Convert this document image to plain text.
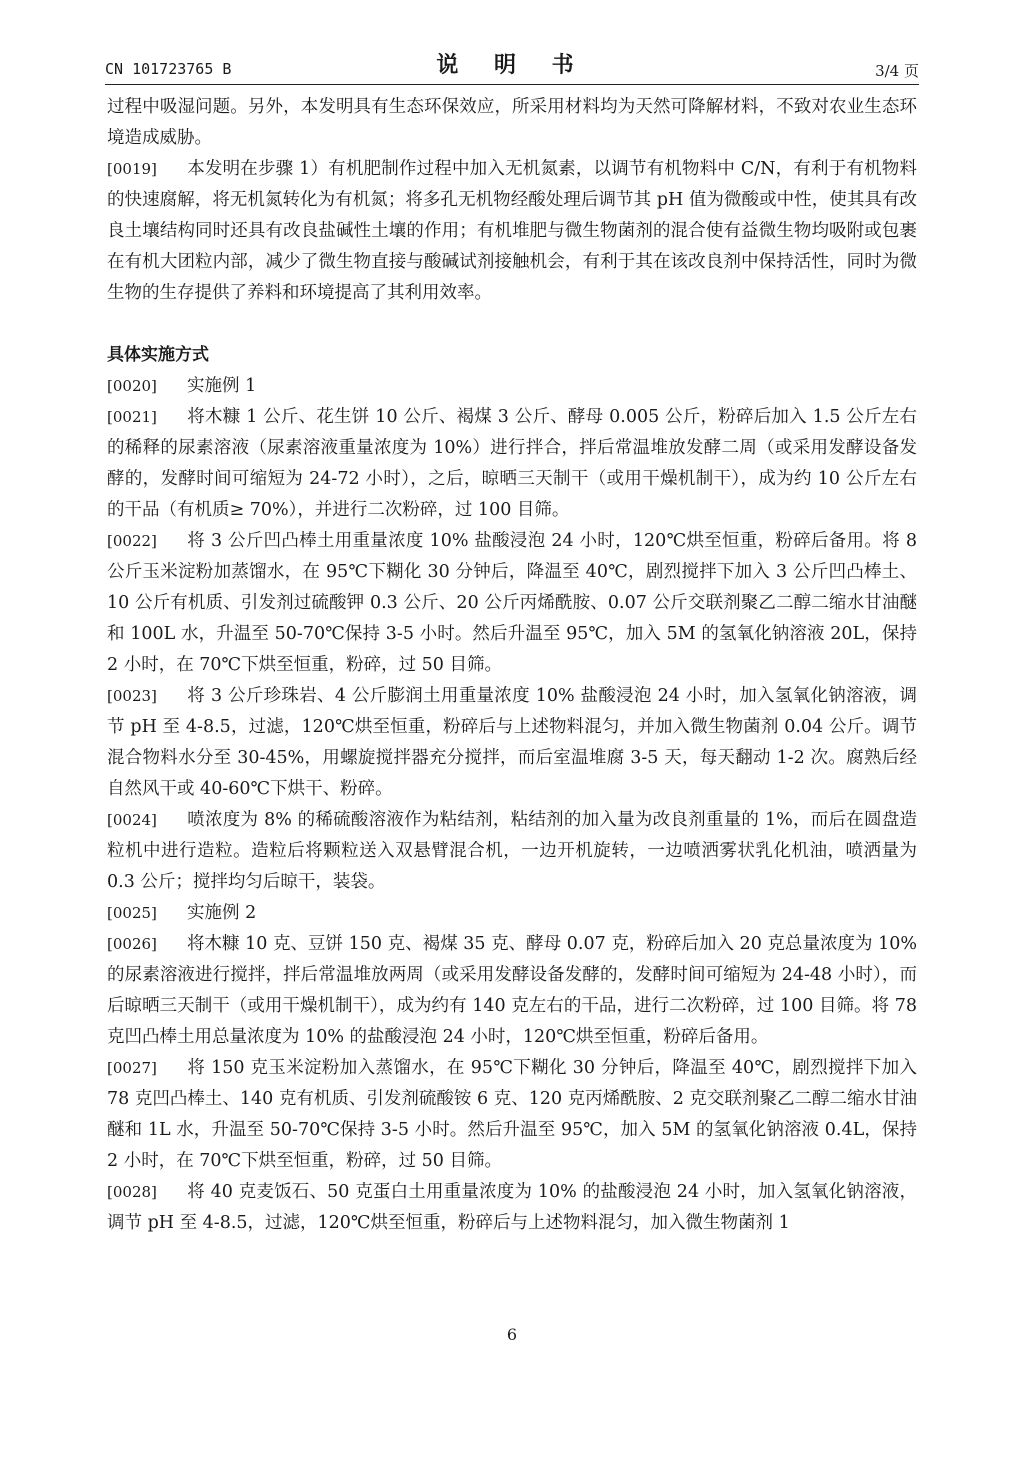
CN 101723765 B	说 明 书	3/4 页

过程中吸湿问题。另外，本发明具有生态环保效应，所采用材料均为天然可降解材料，不致对农业生态环境造成威胁。

[0019] 本发明在步骤 1）有机肥制作过程中加入无机氮素，以调节有机物料中 C/N，有利于有机物料的快速腐解，将无机氮转化为有机氮；将多孔无机物经酸处理后调节其 pH 值为微酸或中性，使其具有改良土壤结构同时还具有改良盐碱性土壤的作用；有机堆肥与微生物菌剂的混合使有益微生物均吸附或包裹在有机大团粒内部，减少了微生物直接与酸碱试剂接触机会，有利于其在该改良剂中保持活性，同时为微生物的生存提供了养料和环境提高了其利用效率。

具体实施方式

[0020] 实施例 1

[0021] 将木糠 1 公斤、花生饼 10 公斤、褐煤 3 公斤、酵母 0.005 公斤，粉碎后加入 1.5 公斤左右的稀释的尿素溶液（尿素溶液重量浓度为 10%）进行拌合，拌后常温堆放发酵二周（或采用发酵设备发酵的，发酵时间可缩短为 24-72 小时），之后，晾晒三天制干（或用干燥机制干），成为约 10 公斤左右的干品（有机质≥ 70%），并进行二次粉碎，过 100 目筛。

[0022] 将 3 公斤凹凸棒土用重量浓度 10% 盐酸浸泡 24 小时，120℃烘至恒重，粉碎后备用。将 8 公斤玉米淀粉加蒸馏水，在 95℃下糊化 30 分钟后，降温至 40℃，剧烈搅拌下加入 3 公斤凹凸棒土、10 公斤有机质、引发剂过硫酸钾 0.3 公斤、20 公斤丙烯酰胺、0.07 公斤交联剂聚乙二醇二缩水甘油醚和 100L 水，升温至 50-70℃保持 3-5 小时。然后升温至 95℃，加入 5M 的氢氧化钠溶液 20L，保持 2 小时，在 70℃下烘至恒重，粉碎，过 50 目筛。

[0023] 将 3 公斤珍珠岩、4 公斤膨润土用重量浓度 10% 盐酸浸泡 24 小时，加入氢氧化钠溶液，调节 pH 至 4-8.5，过滤，120℃烘至恒重，粉碎后与上述物料混匀，并加入微生物菌剂 0.04 公斤。调节混合物料水分至 30-45%，用螺旋搅拌器充分搅拌，而后室温堆腐 3-5 天，每天翻动 1-2 次。腐熟后经自然风干或 40-60℃下烘干、粉碎。

[0024] 喷浓度为 8% 的稀硫酸溶液作为粘结剂，粘结剂的加入量为改良剂重量的 1%，而后在圆盘造粒机中进行造粒。造粒后将颗粒送入双悬臂混合机，一边开机旋转，一边喷洒雾状乳化机油，喷洒量为 0.3 公斤；搅拌均匀后晾干，装袋。

[0025] 实施例 2

[0026] 将木糠 10 克、豆饼 150 克、褐煤 35 克、酵母 0.07 克，粉碎后加入 20 克总量浓度为 10% 的尿素溶液进行搅拌，拌后常温堆放两周（或采用发酵设备发酵的，发酵时间可缩短为 24-48 小时），而后晾晒三天制干（或用干燥机制干），成为约有 140 克左右的干品，进行二次粉碎，过 100 目筛。将 78 克凹凸棒土用总量浓度为 10% 的盐酸浸泡 24 小时，120℃烘至恒重，粉碎后备用。

[0027] 将 150 克玉米淀粉加入蒸馏水，在 95℃下糊化 30 分钟后，降温至 40℃，剧烈搅拌下加入 78 克凹凸棒土、140 克有机质、引发剂硫酸铵 6 克、120 克丙烯酰胺、2 克交联剂聚乙二醇二缩水甘油醚和 1L 水，升温至 50-70℃保持 3-5 小时。然后升温至 95℃，加入 5M 的氢氧化钠溶液 0.4L，保持 2 小时，在 70℃下烘至恒重，粉碎，过 50 目筛。

[0028] 将 40 克麦饭石、50 克蛋白土用重量浓度为 10% 的盐酸浸泡 24 小时，加入氢氧化钠溶液，调节 pH 至 4-8.5，过滤，120℃烘至恒重，粉碎后与上述物料混匀，加入微生物菌剂 1

6
